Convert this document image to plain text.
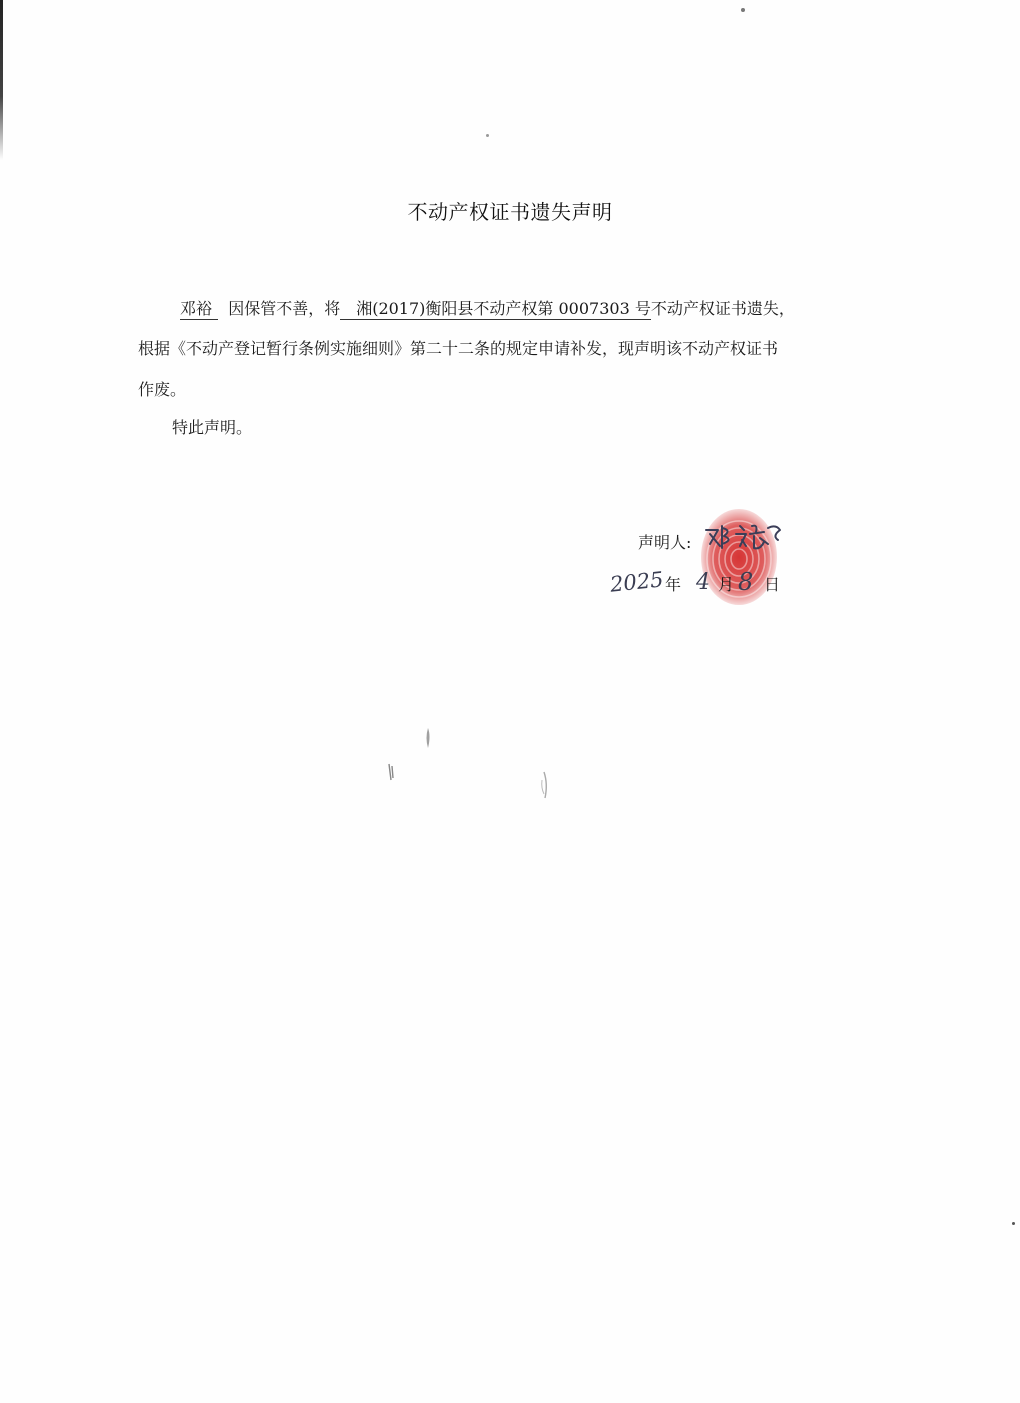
不动产权证书遗失声明
邓裕 因保管不善，将 湘(2017)衡阳县不动产权第 0007303 号不动产权证书遗失，
根据《不动产登记暂行条例实施细则》第二十二条的规定申请补发，现声明该不动产权证书
作废。
特此声明。
声明人:
2025 年 4 月 8 日
